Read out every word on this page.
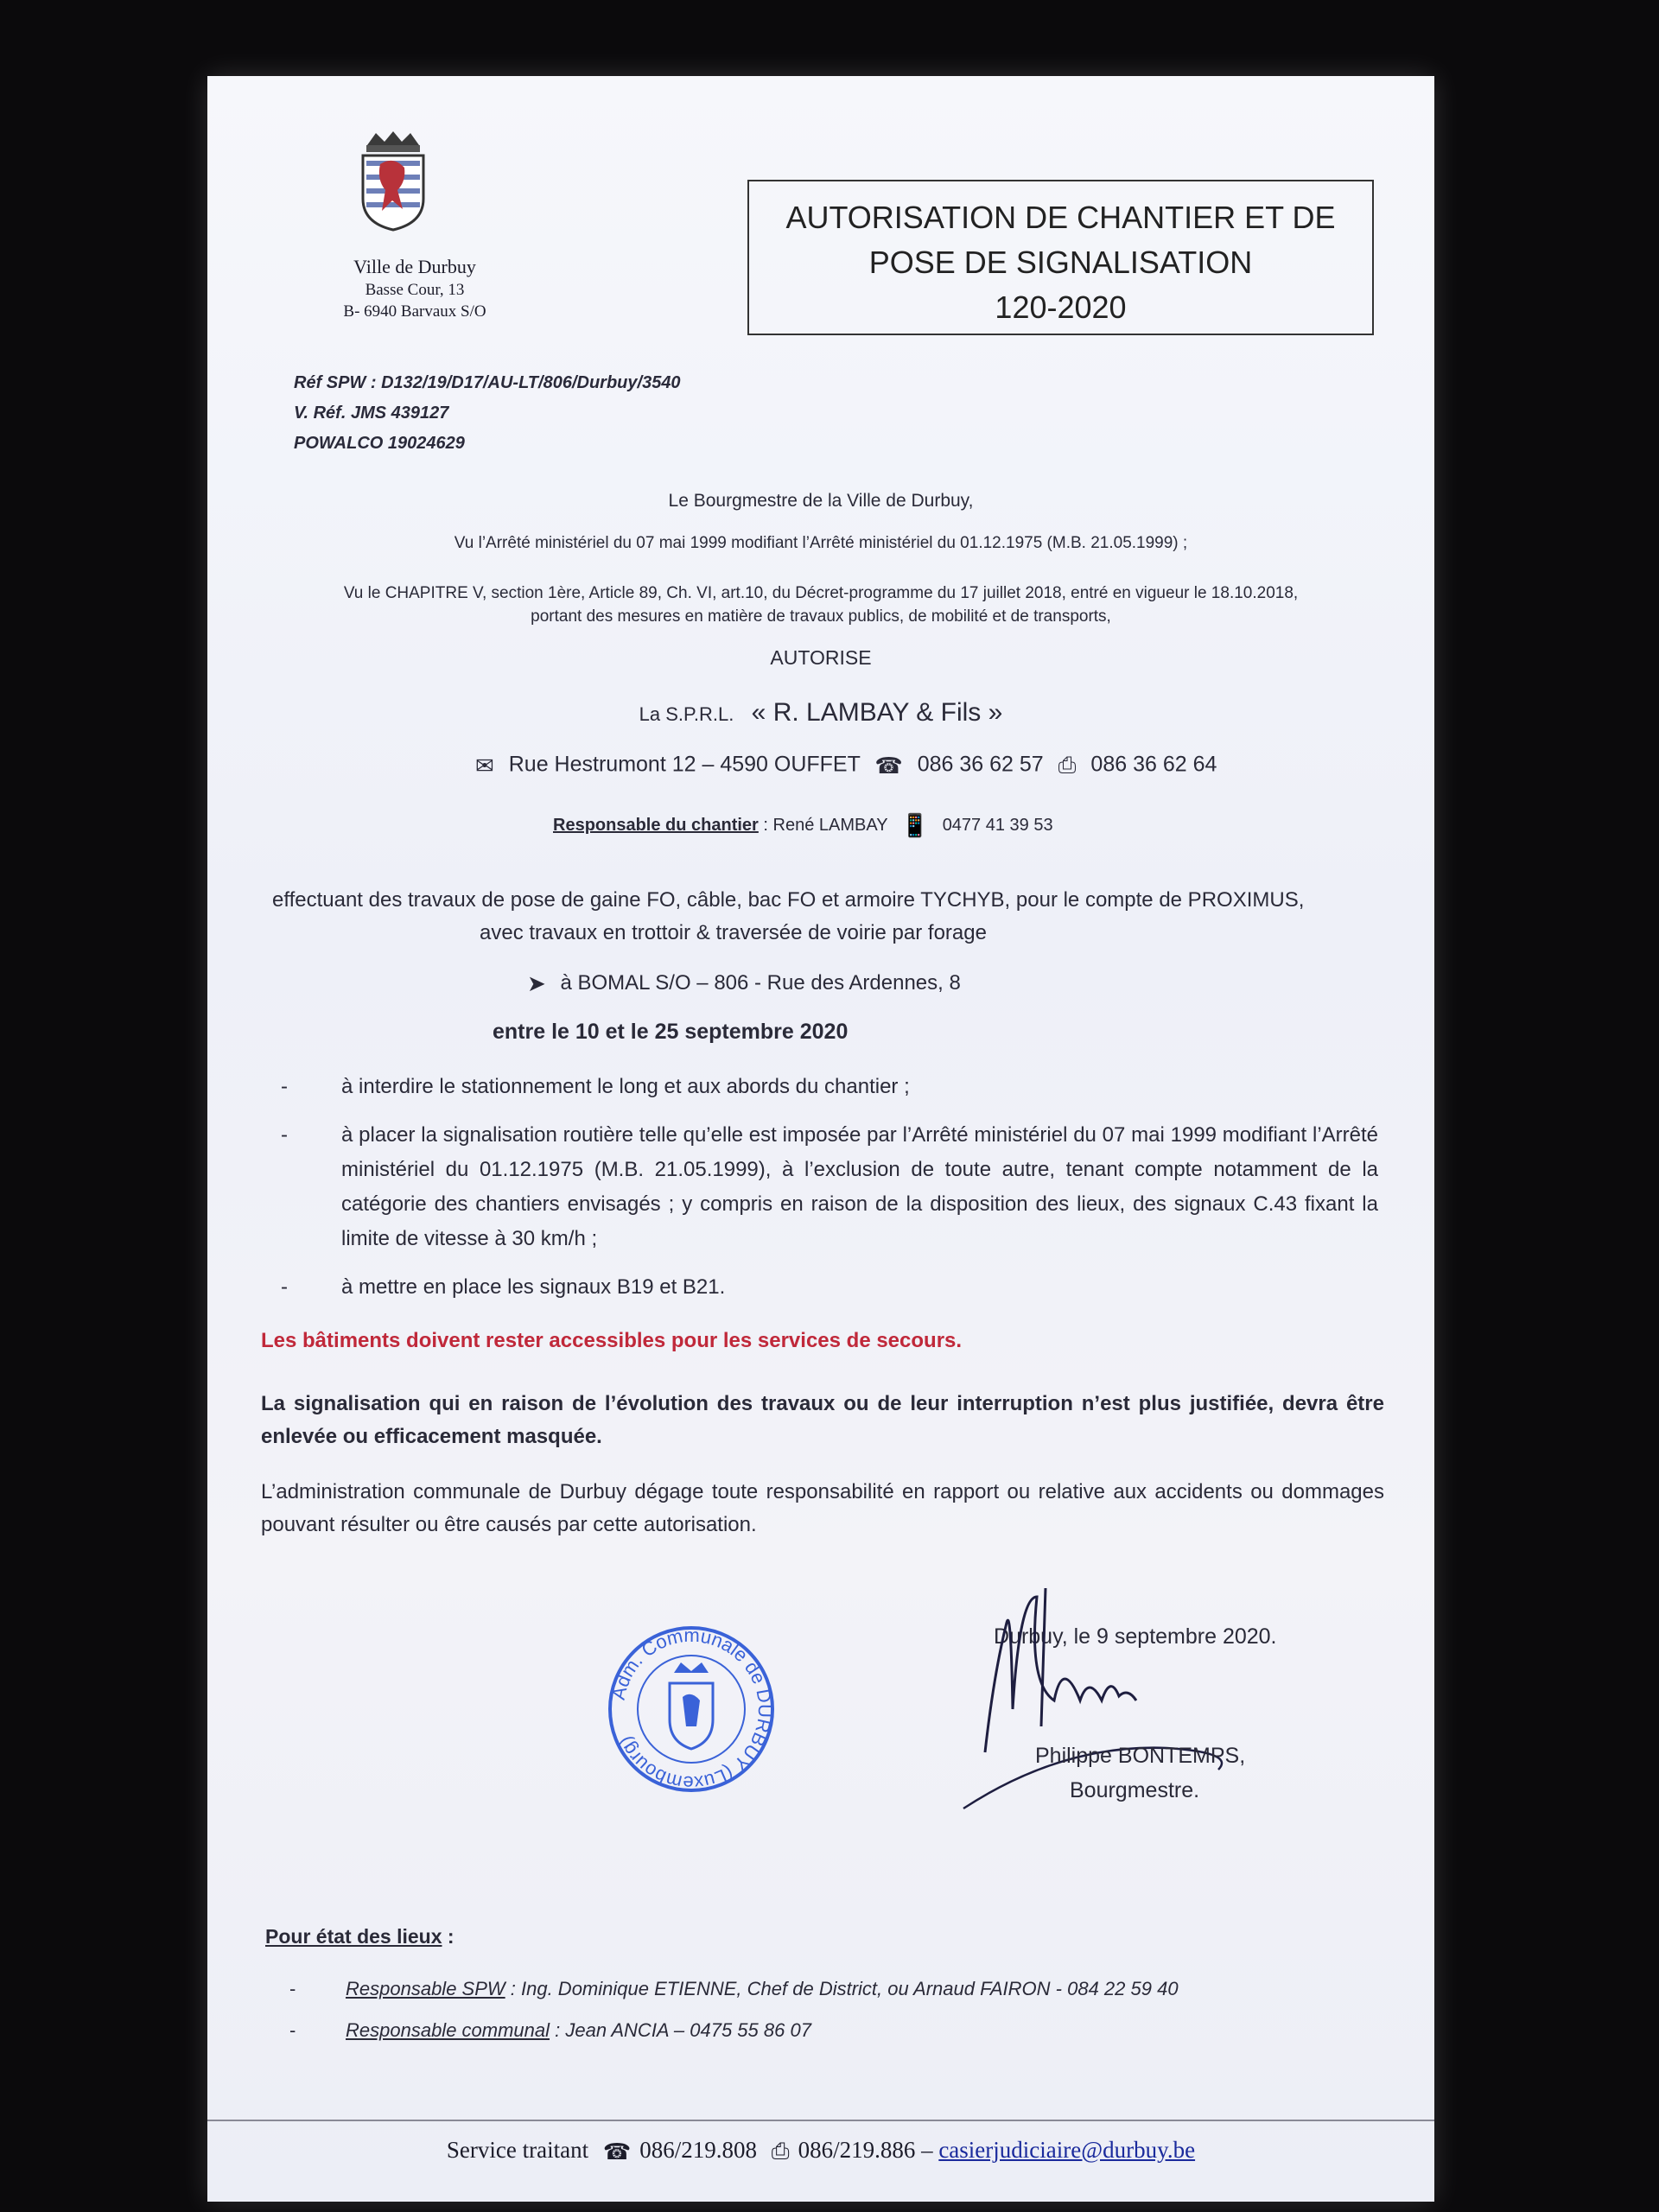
Ville de Durbuy
Basse Cour, 13
B- 6940 Barvaux S/O
AUTORISATION DE CHANTIER ET DE
POSE DE SIGNALISATION
120-2020
Réf SPW : D132/19/D17/AU-LT/806/Durbuy/3540
V. Réf. JMS 439127
POWALCO 19024629
Le Bourgmestre de la Ville de Durbuy,
Vu l’Arrêté ministériel du 07 mai 1999 modifiant l’Arrêté ministériel du 01.12.1975 (M.B. 21.05.1999) ;
Vu le CHAPITRE V, section 1ère, Article 89, Ch. VI, art.10, du Décret-programme du 17 juillet 2018, entré en vigueur le 18.10.2018,
portant des mesures en matière de travaux publics, de mobilité et de transports,
AUTORISE
La S.P.R.L. « R. LAMBAY & Fils »
✉ Rue Hestrumont 12 – 4590 OUFFET ☎ 086 36 62 57 ⎙ 086 36 62 64
Responsable du chantier : René LAMBAY 📱 0477 41 39 53
effectuant des travaux de pose de gaine FO, câble, bac FO et armoire TYCHYB, pour le compte de PROXIMUS,
avec travaux en trottoir & traversée de voirie par forage
➤ à BOMAL S/O – 806 - Rue des Ardennes, 8
entre le 10 et le 25 septembre 2020
- à interdire le stationnement le long et aux abords du chantier ;
- à placer la signalisation routière telle qu’elle est imposée par l’Arrêté ministériel du 07 mai 1999 modifiant l’Arrêté ministériel du 01.12.1975 (M.B. 21.05.1999), à l’exclusion de toute autre, tenant compte notamment de la catégorie des chantiers envisagés ; y compris en raison de la disposition des lieux, des signaux C.43 fixant la limite de vitesse à 30 km/h ;
- à mettre en place les signaux B19 et B21.
Les bâtiments doivent rester accessibles pour les services de secours.
La signalisation qui en raison de l’évolution des travaux ou de leur interruption n’est plus justifiée, devra être enlevée ou efficacement masquée.
L’administration communale de Durbuy dégage toute responsabilité en rapport ou relative aux accidents ou dommages pouvant résulter ou être causés par cette autorisation.
Adm. Communale de DURBUY (Luxembourg)
Durbuy, le 9 septembre 2020.
Philippe BONTEMPS,
Bourgmestre.
Pour état des lieux :
- Responsable SPW : Ing. Dominique ETIENNE, Chef de District, ou Arnaud FAIRON - 084 22 59 40
- Responsable communal : Jean ANCIA – 0475 55 86 07
Service traitant ☎ 086/219.808 ⎙ 086/219.886 – casierjudiciaire@durbuy.be
